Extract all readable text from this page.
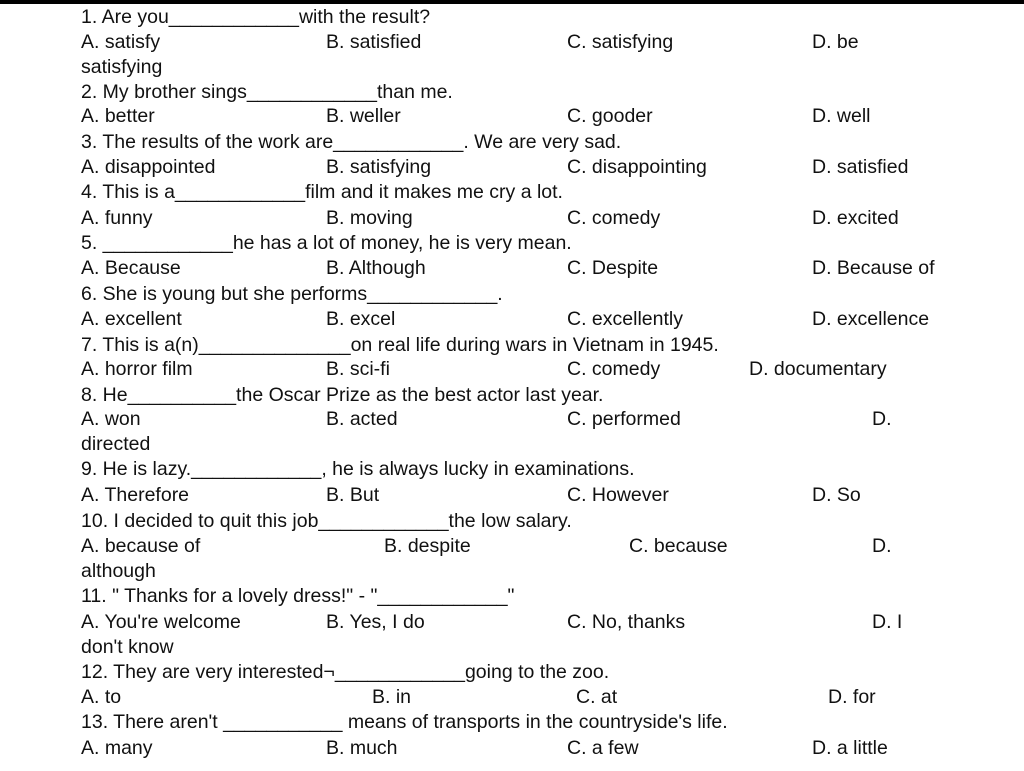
1. Are you____________with the result?
A. satisfy	B. satisfied	C. satisfying	D. be
satisfying
2. My brother sings____________than me.
A. better	B. weller	C. gooder	D. well
3. The results of the work are____________. We are very sad.
A. disappointed	B. satisfying	C. disappointing	D. satisfied
4. This is a____________film and it makes me cry a lot.
A. funny	B. moving	C. comedy	D. excited
5. ____________he has a lot of money, he is very mean.
A. Because	B. Although	C. Despite	D. Because of
6. She is young but she performs____________.
A. excellent	B. excel	C. excellently	D. excellence
7. This is a(n)______________on real life during wars in Vietnam in 1945.
A. horror film	B. sci-fi	C. comedy	D. documentary
8. He__________the Oscar Prize as the best actor last year.
A. won	B. acted	C. performed	D.
directed
9. He is lazy.____________, he is always lucky in examinations.
A. Therefore	B. But	C. However	D. So
10. I decided to quit this job____________the low salary.
A. because of	B. despite	C. because	D.
although
11. " Thanks for a lovely dress!" - "____________"
A. You're welcome	B. Yes, I do	C. No, thanks	D. I
don't know
12. They are very interested¬____________going to the zoo.
A. to	B. in	C. at	D. for
13. There aren't ___________ means of transports in the countryside's life.
A. many	B. much	C. a few	D. a little
